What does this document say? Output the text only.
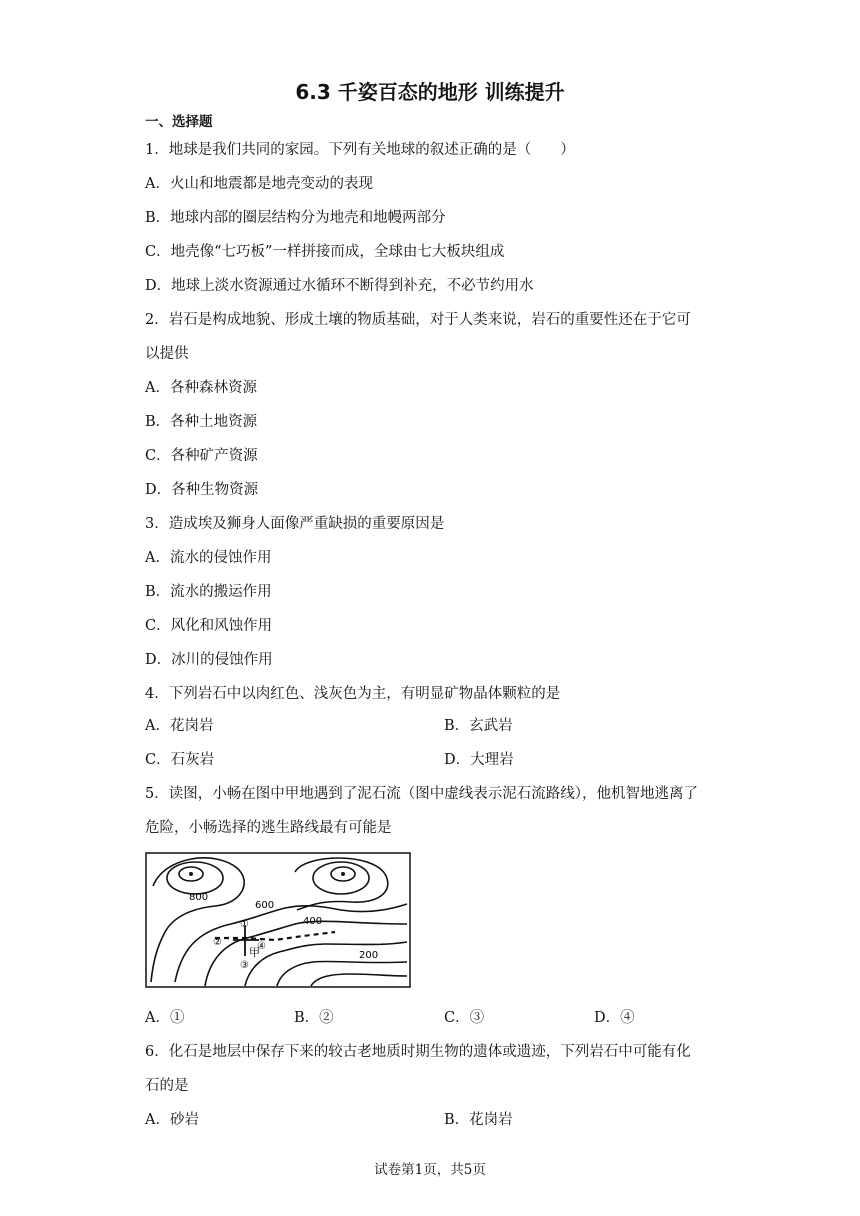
6.3 千姿百态的地形 训练提升
一、选择题
1．地球是我们共同的家园。下列有关地球的叙述正确的是（　　）
A．火山和地震都是地壳变动的表现
B．地球内部的圈层结构分为地壳和地幔两部分
C．地壳像“七巧板”一样拼接而成，全球由七大板块组成
D．地球上淡水资源通过水循环不断得到补充，不必节约用水
2．岩石是构成地貌、形成土壤的物质基础，对于人类来说，岩石的重要性还在于它可
以提供
A．各种森林资源
B．各种土地资源
C．各种矿产资源
D．各种生物资源
3．造成埃及狮身人面像严重缺损的重要原因是
A．流水的侵蚀作用
B．流水的搬运作用
C．风化和风蚀作用
D．冰川的侵蚀作用
4．下列岩石中以肉红色、浅灰色为主，有明显矿物晶体颗粒的是
A．花岗岩	B．玄武岩
C．石灰岩	D．大理岩
5．读图，小畅在图中甲地遇到了泥石流（图中虚线表示泥石流路线），他机智地逃离了
危险，小畅选择的逃生路线最有可能是
800
600
400
200
甲
①
②
③
④
A．①	B．②	C．③	D．④
6．化石是地层中保存下来的较古老地质时期生物的遗体或遗迹，下列岩石中可能有化
石的是
A．砂岩	B．花岗岩
试卷第1页，共5页
